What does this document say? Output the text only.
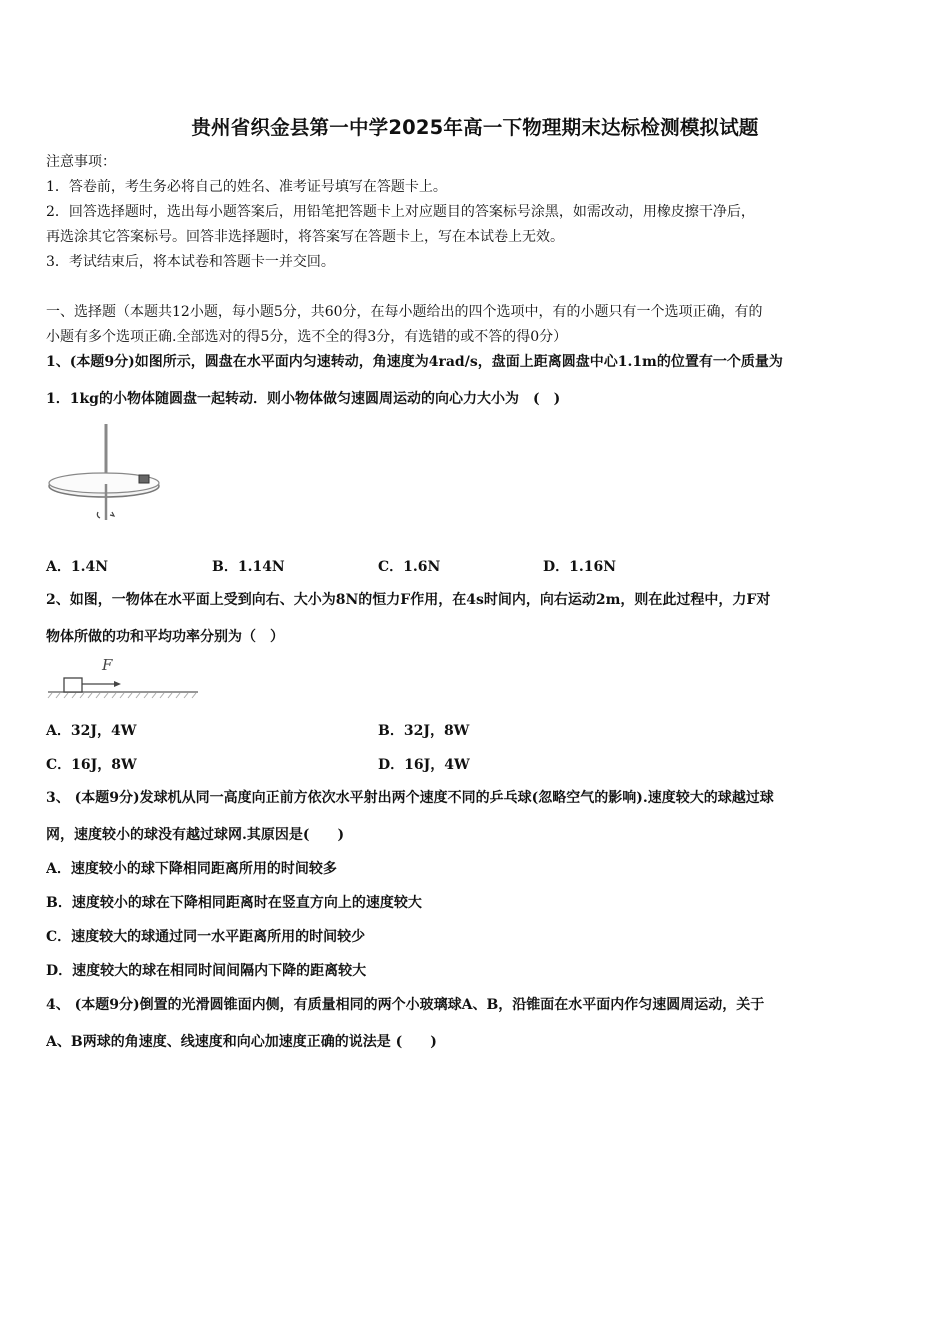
贵州省织金县第一中学2025年高一下物理期末达标检测模拟试题
注意事项：
1．答卷前，考生务必将自己的姓名、准考证号填写在答题卡上。
2．回答选择题时，选出每小题答案后，用铅笔把答题卡上对应题目的答案标号涂黑，如需改动，用橡皮擦干净后，
再选涂其它答案标号。回答非选择题时，将答案写在答题卡上，写在本试卷上无效。
3．考试结束后，将本试卷和答题卡一并交回。
一、选择题（本题共12小题，每小题5分，共60分，在每小题给出的四个选项中，有的小题只有一个选项正确，有的
小题有多个选项正确.全部选对的得5分，选不全的得3分，有选错的或不答的得0分）
1、(本题9分)如图所示，圆盘在水平面内匀速转动，角速度为4rad/s，盘面上距离圆盘中心1.1m的位置有一个质量为
1．1kg的小物体随圆盘一起转动．则小物体做匀速圆周运动的向心力大小为　(　)
A．1.4N	B．1.14N	C．1.6N	D．1.16N
2、如图，一物体在水平面上受到向右、大小为8N的恒力F作用，在4s时间内，向右运动2m，则在此过程中，力F对
物体所做的功和平均功率分别为（　）
F
A．32J，4W	B．32J，8W
C．16J，8W	D．16J，4W
3、 (本题9分)发球机从同一高度向正前方依次水平射出两个速度不同的乒乓球(忽略空气的影响).速度较大的球越过球
网，速度较小的球没有越过球网.其原因是(　　)
A．速度较小的球下降相同距离所用的时间较多
B．速度较小的球在下降相同距离时在竖直方向上的速度较大
C．速度较大的球通过同一水平距离所用的时间较少
D．速度较大的球在相同时间间隔内下降的距离较大
4、 (本题9分)倒置的光滑圆锥面内侧，有质量相同的两个小玻璃球A、B，沿锥面在水平面内作匀速圆周运动，关于
A、B两球的角速度、线速度和向心加速度正确的说法是 (　　)
